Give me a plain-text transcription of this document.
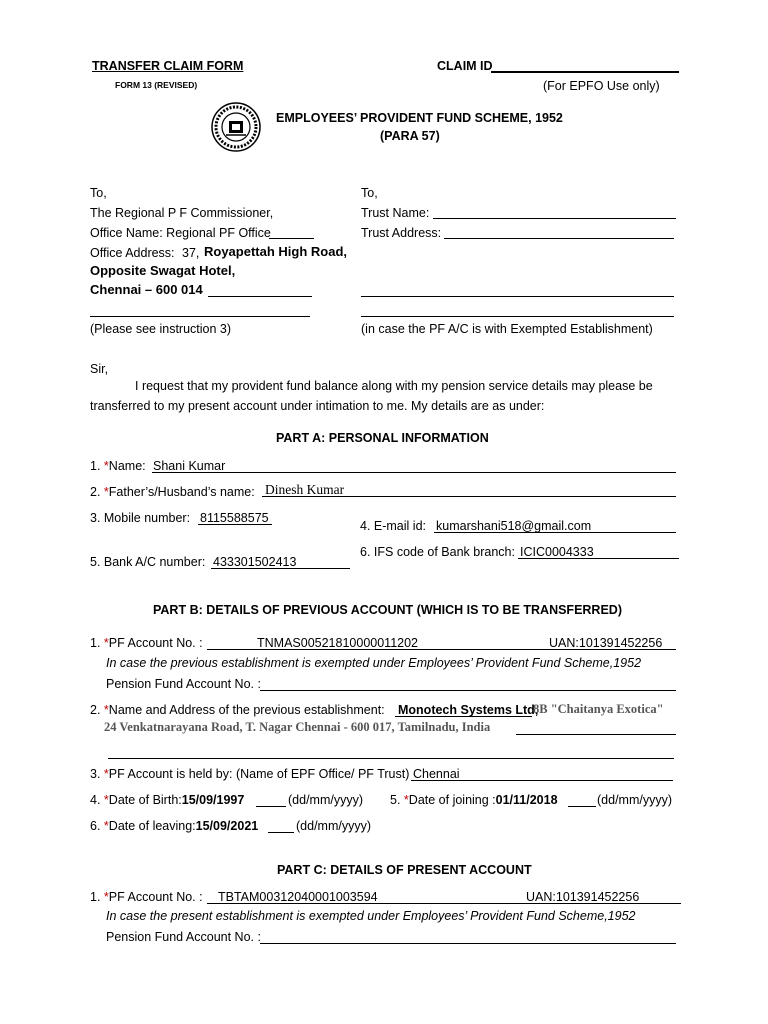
TRANSFER CLAIM FORM
FORM 13 (REVISED)
CLAIM ID
(For EPFO Use only)
EMPLOYEES’ PROVIDENT FUND SCHEME, 1952
(PARA 57)
To,
The Regional P F Commissioner,
Office Name: Regional PF Office
Office Address: 37, Royapettah High Road,
Opposite Swagat Hotel,
Chennai – 600 014
(Please see instruction 3)
To,
Trust Name:
Trust Address:
(in case the PF A/C is with Exempted Establishment)
Sir,
I request that my provident fund balance along with my pension service details may please be
transferred to my present account under intimation to me. My details are as under:
PART A: PERSONAL INFORMATION
1. *Name: Shani Kumar
2. *Father’s/Husband’s name: Dinesh Kumar
3. Mobile number: 8115588575
4. E-mail id: kumarshani518@gmail.com
6. IFS code of Bank branch: ICIC0004333
5. Bank A/C number: 433301502413
PART B: DETAILS OF PREVIOUS ACCOUNT (WHICH IS TO BE TRANSFERRED)
1. *PF Account No. :	TNMAS00521810000011202	UAN:101391452256
In case the previous establishment is exempted under Employees’ Provident Fund Scheme,1952
Pension Fund Account No. :
2. *Name and Address of the previous establishment: Monotech Systems Ltd,
8B "Chaitanya Exotica"
24 Venkatnarayana Road, T. Nagar Chennai - 600 017, Tamilnadu, India
3. *PF Account is held by: (Name of EPF Office/ PF Trust) Chennai
4. *Date of Birth:15/09/1997	(dd/mm/yyyy) 5. *Date of joining :01/11/2018	(dd/mm/yyyy)
6. *Date of leaving:15/09/2021	(dd/mm/yyyy)
PART C: DETAILS OF PRESENT ACCOUNT
1. *PF Account No. : TBTAM00312040001003594	UAN:101391452256
In case the present establishment is exempted under Employees’ Provident Fund Scheme,1952
Pension Fund Account No. :
